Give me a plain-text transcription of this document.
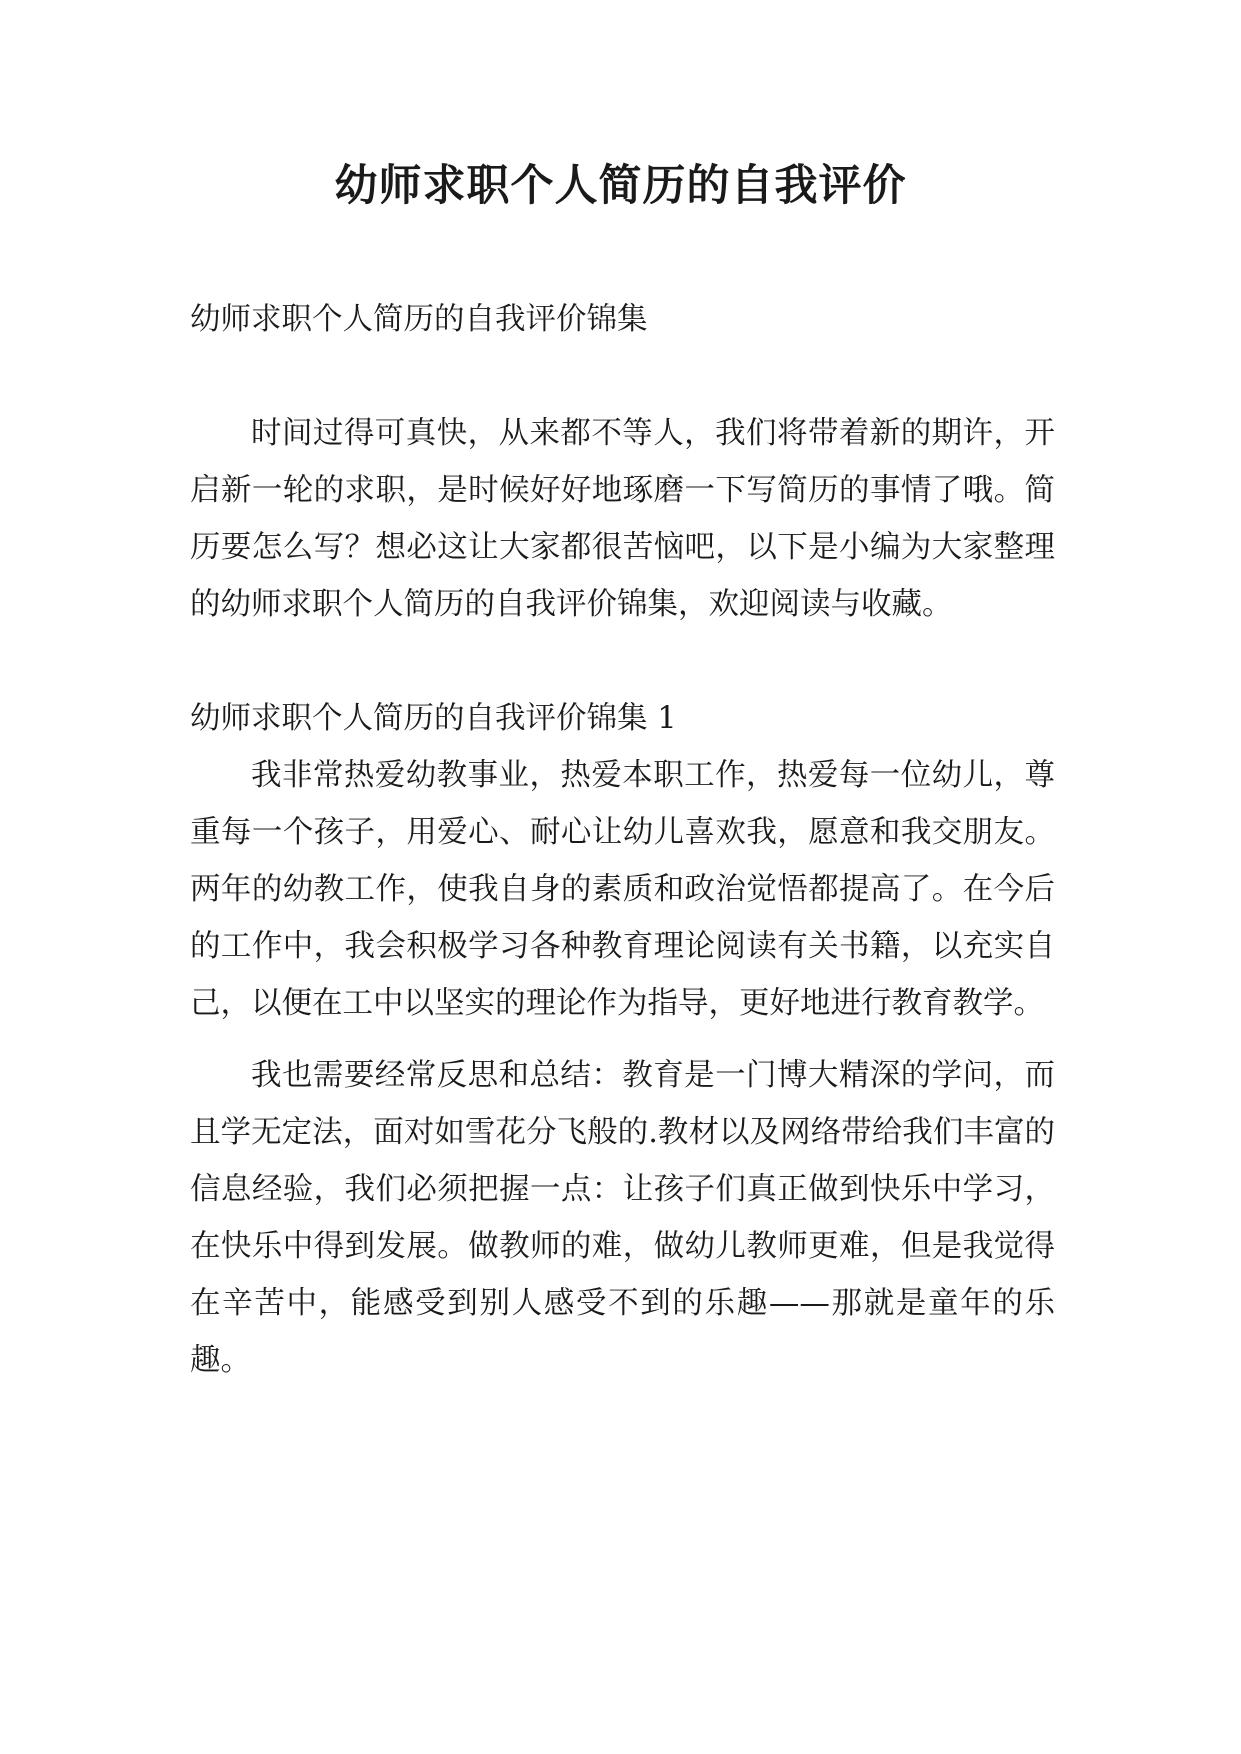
幼师求职个人简历的自我评价

幼师求职个人简历的自我评价锦集

时间过得可真快，从来都不等人，我们将带着新的期许，开启新一轮的求职，是时候好好地琢磨一下写简历的事情了哦。简历要怎么写？想必这让大家都很苦恼吧，以下是小编为大家整理的幼师求职个人简历的自我评价锦集，欢迎阅读与收藏。

幼师求职个人简历的自我评价锦集 1

我非常热爱幼教事业，热爱本职工作，热爱每一位幼儿，尊重每一个孩子，用爱心、耐心让幼儿喜欢我，愿意和我交朋友。两年的幼教工作，使我自身的素质和政治觉悟都提高了。在今后的工作中，我会积极学习各种教育理论阅读有关书籍，以充实自己，以便在工中以坚实的理论作为指导，更好地进行教育教学。

我也需要经常反思和总结：教育是一门博大精深的学问，而且学无定法，面对如雪花分飞般的.教材以及网络带给我们丰富的信息经验，我们必须把握一点：让孩子们真正做到快乐中学习，在快乐中得到发展。做教师的难，做幼儿教师更难，但是我觉得在辛苦中，能感受到别人感受不到的乐趣——那就是童年的乐趣。
